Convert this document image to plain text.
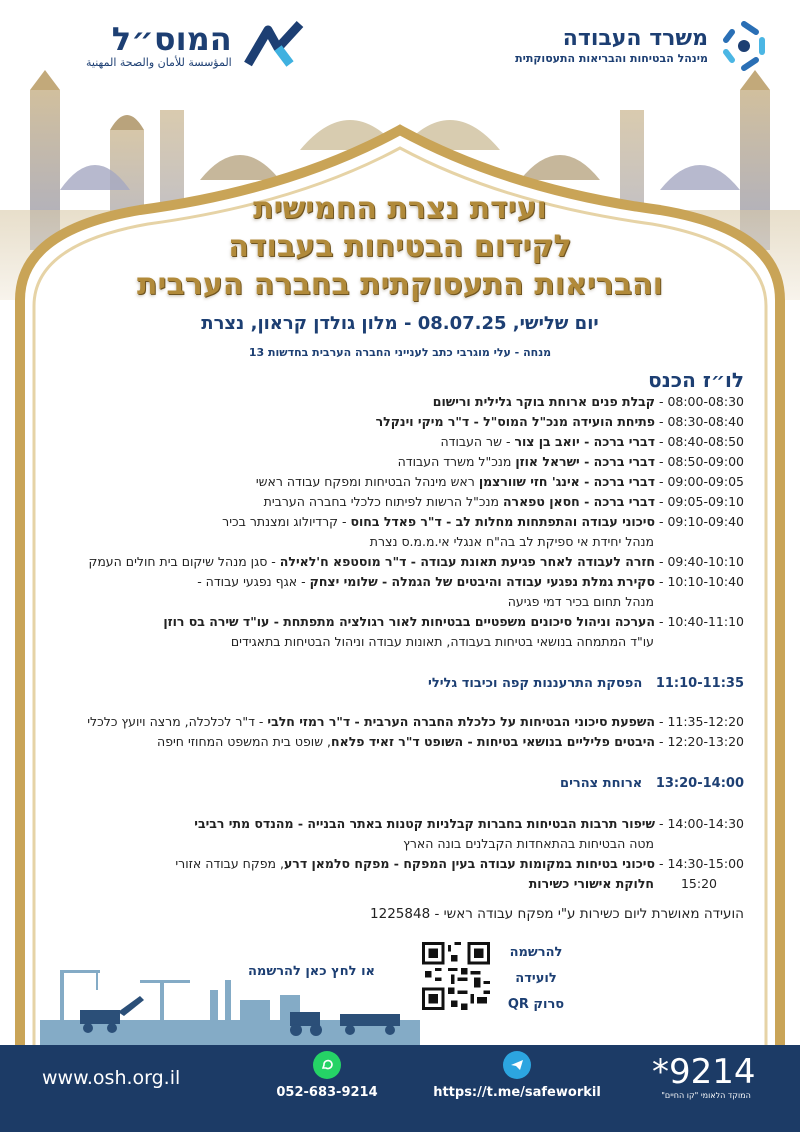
משרד העבודה
מינהל הבטיחות והבריאות התעסוקתית
המוס״ל
المؤسسة للأمان والصحة المهنية
ועידת נצרת החמישית
לקידום הבטיחות בעבודה
והבריאות התעסוקתית בחברה הערבית
יום שלישי, 08.07.25 - מלון גולדן קראון, נצרת
מנחה - עלי מוגרבי כתב לענייני החברה הערבית בחדשות 13
לו״ז הכנס
08:00-08:30 - קבלת פנים ארוחת בוקר גלילית ורישום
08:30-08:40 - פתיחת הועידה מנכ"ל המוס"ל - ד"ר מיקי וינקלר
08:40-08:50 - דברי ברכה - יואב בן צור - שר העבודה
08:50-09:00 - דברי ברכה - ישראל אוזן מנכ"ל משרד העבודה
09:00-09:05 - דברי ברכה - אינג' חזי שוורצמן ראש מינהל הבטיחות ומפקח עבודה ראשי
09:05-09:10 - דברי ברכה - חסאן טפארה מנכ"ל הרשות לפיתוח כלכלי בחברה הערבית
09:10-09:40 - סיכוני עבודה והתפתחות מחלות לב - ד"ר פאדל בחוס - קרדיולוג ומצנתר בכיר
מנהל יחידת אי ספיקת לב בה"ח אנגלי אי.מ.מ.ס נצרת
09:40-10:10 - חזרה לעבודה לאחר פגיעת תאונת עבודה - ד"ר מוסטפא ח'לאילה - סגן מנהל שיקום בית חולים העמק
10:10-10:40 - סקירת גמלת נפגעי עבודה והיבטים של הגמלה - שלומי יצחק - אגף נפגעי עבודה -
מנהל תחום בכיר דמי פגיעה
10:40-11:10 - הערכה וניהול סיכונים משפטיים בבטיחות לאור רגולציה מתפתחת - עו"ד שירה בס רוזן
עו"ד המתמחה בנושאי בטיחות בעבודה, תאונות עבודה וניהול הבטיחות בתאגידים
11:10-11:35   הפסקת התרעננות קפה וכיבוד גלילי
11:35-12:20 - השפעת סיכוני הבטיחות על כלכלת החברה הערבית - ד"ר רמזי חלבי - ד"ר לכלכלה, מרצה ויועץ כלכלי
12:20-13:20 - היבטים פליליים בנושאי בטיחות - השופט ד"ר זאיד פלאח, שופט בית המשפט המחוזי חיפה
13:20-14:00   ארוחת צהרים
14:00-14:30 - שיפור תרבות הבטיחות בחברות קבלניות קטנות באתר הבנייה - מהנדס מתי רביבי
מטה הבטיחות בהתאחדות הקבלנים בונה הארץ
14:30-15:00 - סיכוני בטיחות במקומות עבודה בעין המפקח - מפקח סלמאן דרע, מפקח עבודה אזורי
15:20חלוקת אישורי כשירות
הועידה מאושרת ליום כשירות ע"י מפקח עבודה ראשי - 1225848
להרשמה
לועידה
סרוק QR
או לחץ כאן להרשמה
www.osh.org.il
052-683-9214	https://t.me/safeworkil
*9214
המוקד הלאומי "קו החיים"
